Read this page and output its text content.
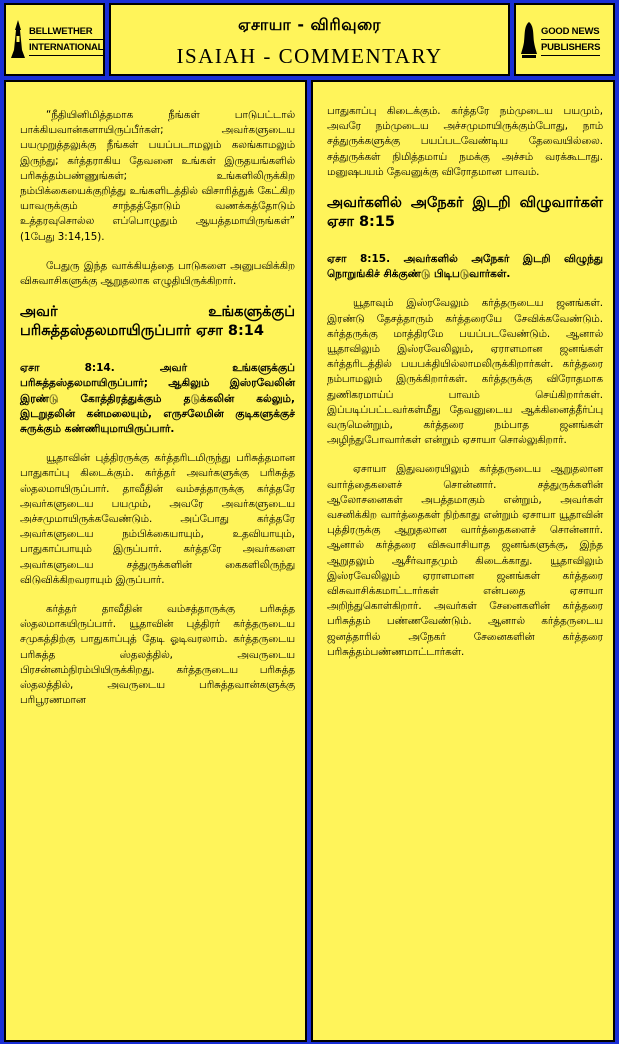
BELLWETHER
INTERNATIONAL
ஏசாயா - விரிவுரை
ISAIAH - COMMENTARY
GOOD NEWS
PUBLISHERS

“நீதியினிமித்தமாக நீங்கள் பாடுபட்டால் பாக்கியவான்களாயிருப்பீர்கள்; அவர்களுடைய பயமுறுத்தலுக்கு நீங்கள் பயப்படாமலும் கலங்காமலும் இருந்து; கர்த்தராகிய தேவனை உங்கள் இருதயங்களில் பரிசுத்தம்பண்ணுங்கள்; உங்களிலிருக்கிற நம்பிக்கையைக்குறித்து உங்களிடத்தில் விசாரித்துக் கேட்கிற யாவருக்கும் சாந்தத்தோடும் வணக்கத்தோடும் உத்தரவுசொல்ல எப்பொழுதும் ஆயத்தமாயிருங்கள்” (1பேது 3:14,15).

பேதுரு இந்த வாக்கியத்தை பாடுகளை அனுபவிக்கிற விசுவாசிகளுக்கு ஆறுதலாக எழுதியிருக்கிறார்.

அவர் உங்களுக்குப் பரிசுத்தஸ்தலமாயிருப்பார் ஏசா 8:14

ஏசா 8:14. அவர் உங்களுக்குப் பரிசுத்தஸ்தலமாயிருப்பார்; ஆகிலும் இஸ்ரவேலின் இரண்டு கோத்திரத்துக்கும் தடுக்கலின் கல்லும், இடறுதலின் கன்மலையும், எருசலேமின் குடிகளுக்குச் சுருக்கும் கண்ணியுமாயிருப்பார்.

யூதாவின் புத்திரருக்கு கர்த்தரிடமிருந்து பரிசுத்தமான பாதுகாப்பு கிடைக்கும். கர்த்தர் அவர்களுக்கு பரிசுத்த ஸ்தலமாயிருப்பார். தாவீதின் வம்சத்தாருக்கு கர்த்தரே அவர்களுடைய பயமும், அவரே அவர்களுடைய அச்சமுமாயிருக்கவேண்டும். அப்போது கர்த்தரே அவர்களுடைய நம்பிக்கையாயும், உதவியாயும், பாதுகாப்பாயும் இருப்பார். கர்த்தரே அவர்களை அவர்களுடைய சத்துருக்களின் கைகளிலிருந்து விடுவிக்கிறவராயும் இருப்பார்.

கர்த்தர் தாவீதின் வம்சத்தாருக்கு பரிசுத்த ஸ்தலமாகயிருப்பார். யூதாவின் புத்திரர் கர்த்தருடைய சமுகத்திற்கு பாதுகாப்புத் தேடி ஓடிவரலாம். கர்த்தருடைய பரிசுத்த ஸ்தலத்தில், அவருடைய பிரசன்னம்நிரம்பியிருக்கிறது. கர்த்தருடைய பரிசுத்த ஸ்தலத்தில், அவருடைய பரிசுத்தவான்களுக்கு பரிபூரணமான

பாதுகாப்பு கிடைக்கும். கர்த்தரே நம்முடைய பயமும், அவரே நம்முடைய அச்சமுமாயிருக்கும்போது, நாம் சத்துருக்களுக்கு பயப்படவேண்டிய தேவையில்லை. சத்துருக்கள் நிமித்தமாய் நமக்கு அச்சம் வரக்கூடாது. மனுஷபயம் தேவனுக்கு விரோதமான பாவம்.

அவர்களில் அநேகர் இடறி விழுவார்கள் ஏசா 8:15

ஏசா 8:15. அவர்களில் அநேகர் இடறி விழுந்து நொறுங்கிச் சிக்குண்டு பிடிபடுவார்கள்.

யூதாவும் இஸ்ரவேலும் கர்த்தருடைய ஜனங்கள். இரண்டு தேசத்தாரும் கர்த்தரையே சேவிக்கவேண்டும். கர்த்தருக்கு மாத்திரமே பயப்படவேண்டும். ஆனால் யூதாவிலும் இஸ்ரவேலிலும், ஏராளமான ஜனங்கள் கர்த்தரிடத்தில் பயபக்தியில்லாமலிருக்கிறார்கள். கர்த்தரை நம்பாமலும் இருக்கிறார்கள். கர்த்தருக்கு விரோதமாக துணிகரமாய்ப் பாவம் செய்கிறார்கள். இப்படிப்பட்டவர்கள்மீது தேவனுடைய ஆக்கினைத்தீர்ப்பு வருமென்றும், கர்த்தரை நம்பாத ஜனங்கள் அழிந்துபோவார்கள் என்றும் ஏசாயா சொல்லுகிறார்.

ஏசாயா இதுவரையிலும் கர்த்தருடைய ஆறுதலான வார்த்தைகளைச் சொன்னார். சத்துருக்களின் ஆலோசனைகள் அபத்தமாகும் என்றும், அவர்கள் வசனிக்கிற வார்த்தைகள் நிற்காது என்றும் ஏசாயா யூதாவின் புத்திரருக்கு ஆறுதலான வார்த்தைகளைச் சொன்னார். ஆனால் கர்த்தரை விசுவாசியாத ஜனங்களுக்கு, இந்த ஆறுதலும் ஆசீர்வாதமும் கிடைக்காது. யூதாவிலும் இஸ்ரவேலிலும் ஏராளமான ஜனங்கள் கர்த்தரை விசுவாசிக்கமாட்டார்கள் என்பதை ஏசாயா அறிந்துகொள்கிறார். அவர்கள் சேனைகளின் கர்த்தரை பரிசுத்தம் பண்ணவேண்டும். ஆனால் கர்த்தருடைய ஜனத்தாரில் அநேகர் சேனைகளின் கர்த்தரை பரிசுத்தம்பண்ணமாட்டார்கள்.
